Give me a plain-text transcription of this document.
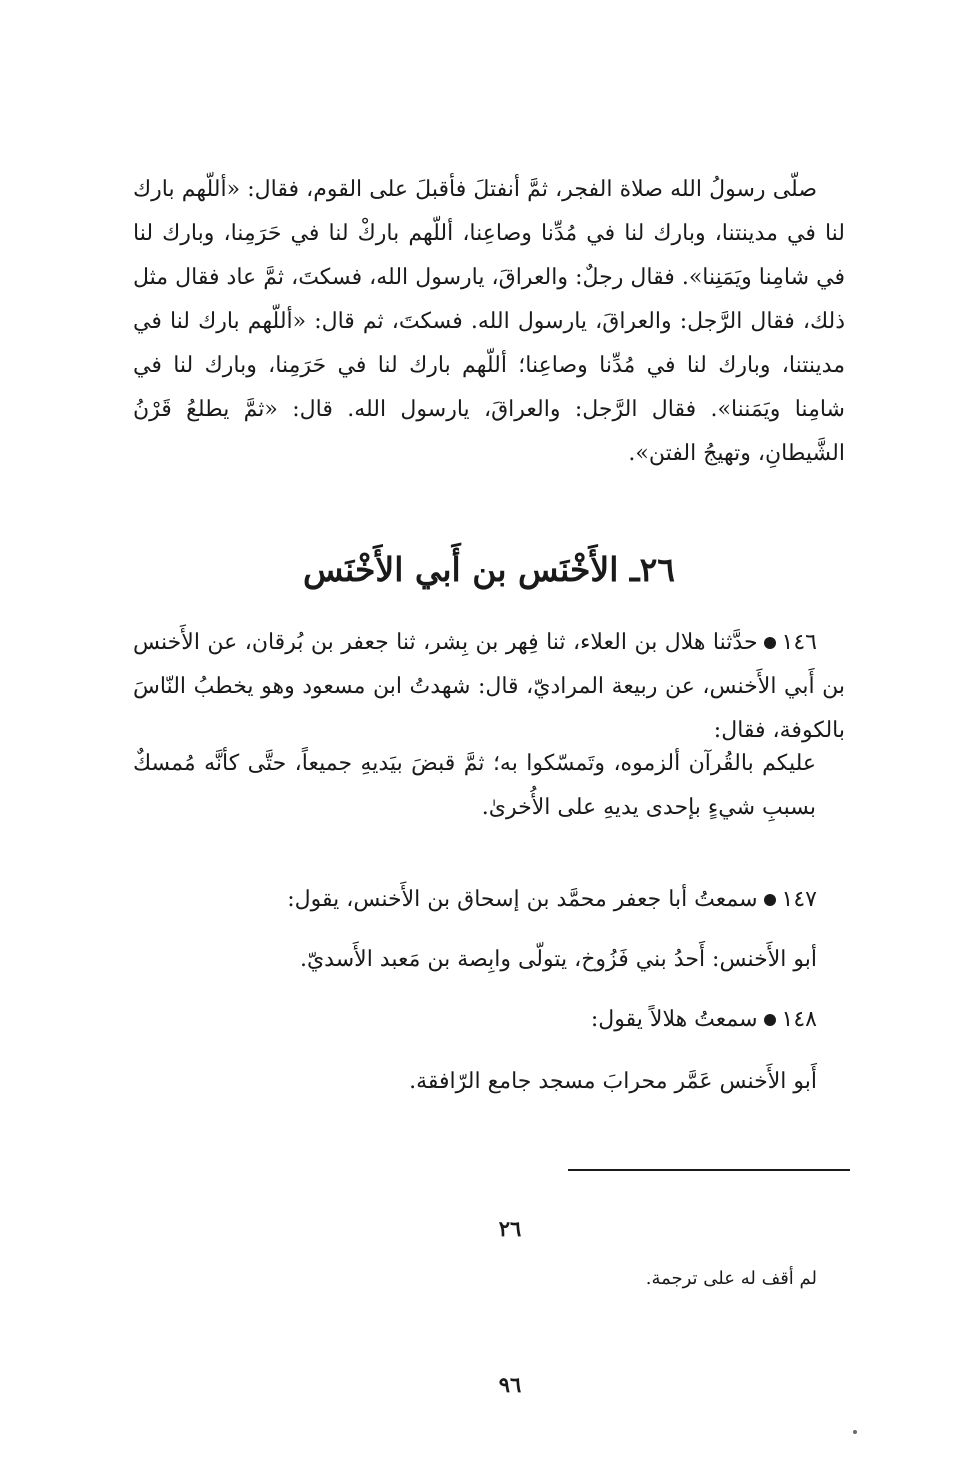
صلّى رسولُ الله صلاة الفجر، ثمَّ أنفتلَ فأقبلَ على القوم، فقال: «أللّهم بارك لنا في مدينتنا، وبارك لنا في مُدِّنا وصاعِنا، أللّهم باركْ لنا في حَرَمِنا، وبارك لنا في شامِنا ويَمَنِنا». فقال رجلٌ: والعراقَ، يارسول الله، فسكتَ، ثمَّ عاد فقال مثل ذلك، فقال الرَّجل: والعراقَ، يارسول الله. فسكتَ، ثم قال: «أللّهم بارك لنا في مدينتنا، وبارك لنا في مُدِّنا وصاعِنا؛ أللّهم بارك لنا في حَرَمِنا، وبارك لنا في شامِنا ويَمَننا». فقال الرَّجل: والعراقَ، يارسول الله. قال: «ثمَّ يطلعُ قَرْنُ الشَّيطانِ، وتهيجُ الفتن».
٢٦ـ الأَخْنَس بن أَبي الأَخْنَس
١٤٦حدَّثنا هلال بن العلاء، ثنا فِهر بن بِشر، ثنا جعفر بن بُرقان، عن الأَخنس بن أَبي الأَخنس، عن ربيعة المراديّ، قال: شهدتُ ابن مسعود وهو يخطبُ النّاسَ بالكوفة، فقال:
عليكم بالقُرآن ألزموه، وتَمسّكوا به؛ ثمَّ قبضَ بيَديهِ جميعاً، حتَّى كأنَّه مُمسكٌ بسببِ شيءٍ بإحدى يديهِ على الأُخرىٰ.
١٤٧سمعتُ أبا جعفر محمَّد بن إسحاق بن الأَخنس، يقول:
أبو الأَخنس: أَحدُ بني فَزُوخ، يتولّى وابِصة بن مَعبد الأَسديّ.
١٤٨سمعتُ هلالاً يقول:
أَبو الأَخنس عَمَّر محرابَ مسجد جامع الرّافقة.
٢٦
لم أقف له على ترجمة.
٩٦
